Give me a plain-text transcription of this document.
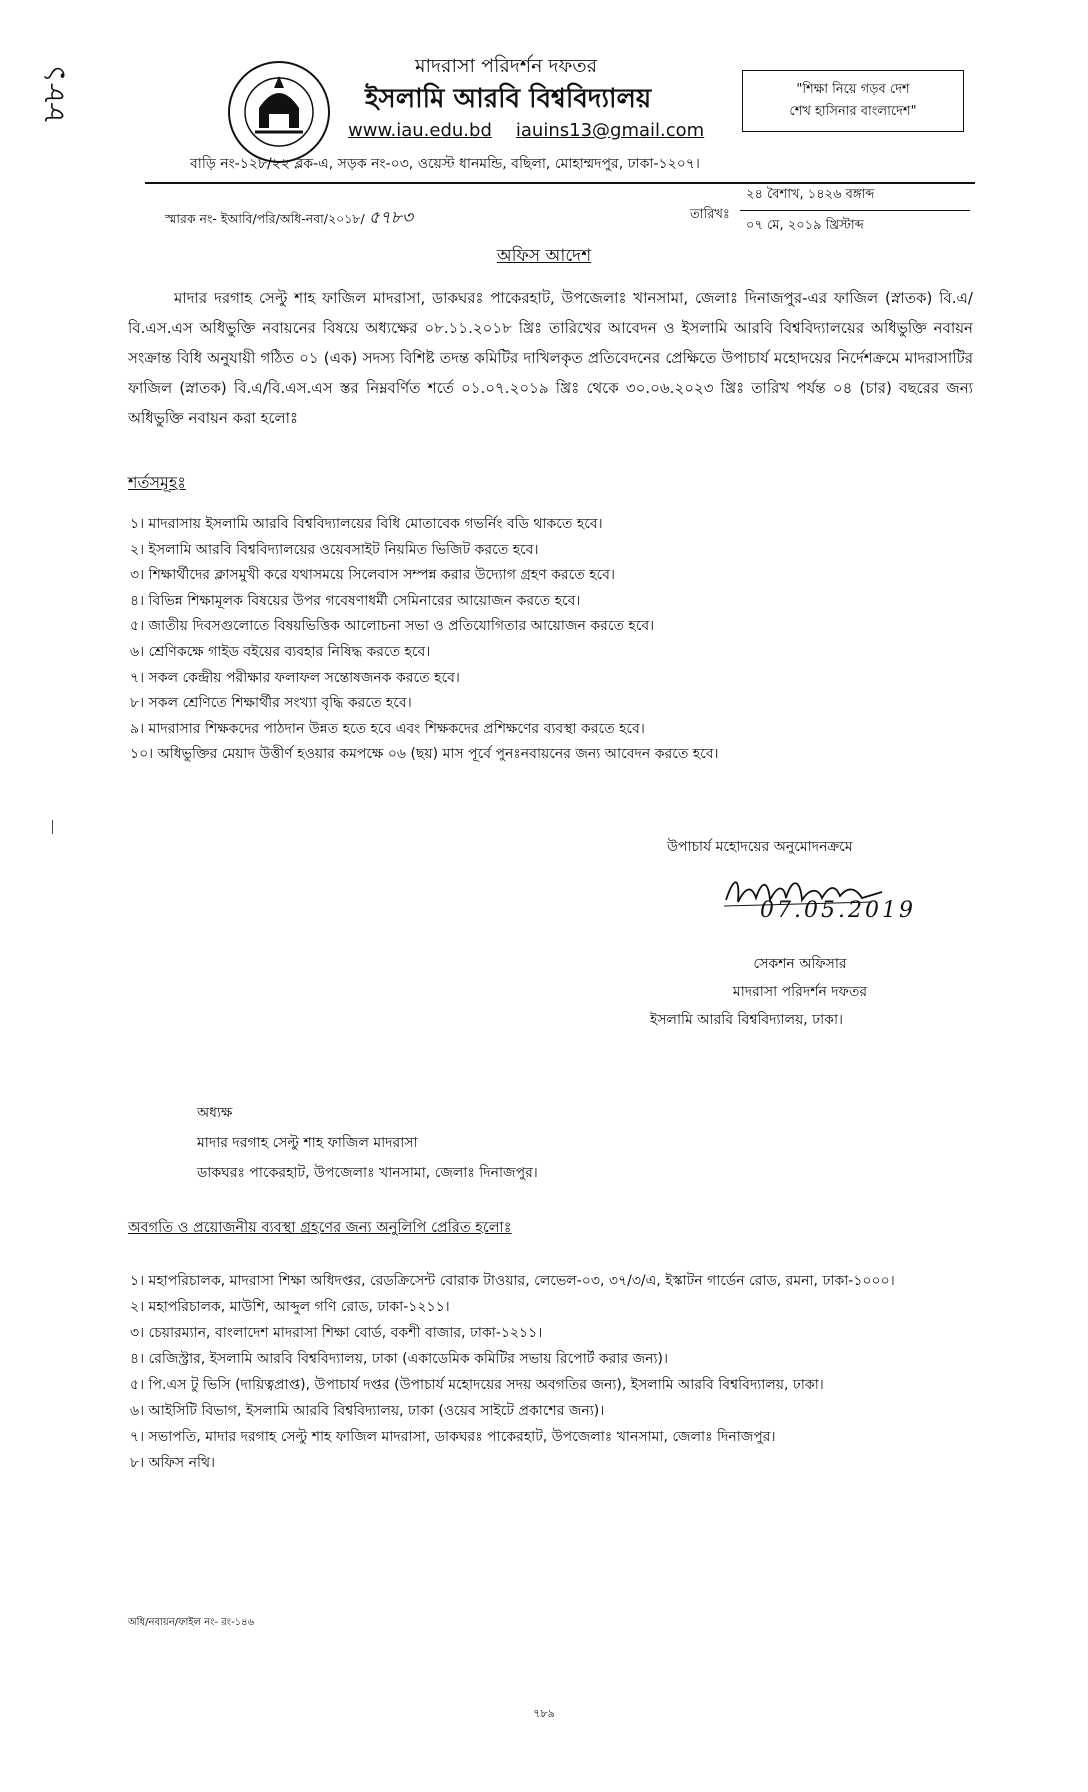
৮৮১	মাদরাসা পরিদর্শন দফতর
ইসলামি আরবি বিশ্ববিদ্যালয়
www.iau.edu.bd iauins13@gmail.com
"শিক্ষা নিয়ে গড়ব দেশ
শেখ হাসিনার বাংলাদেশ"
বাড়ি নং-১২৮/২২ ব্লক-এ, সড়ক নং-০৩, ওয়েস্ট ধানমন্ডি, বছিলা, মোহাম্মদপুর, ঢাকা-১২০৭।
স্মারক নং- ইআবি/পরি/অধি-নবা/২০১৮/ ৫৭৮৩	তারিখঃ
২৪ বৈশাখ, ১৪২৬ বঙ্গাব্দ
০৭ মে, ২০১৯ খ্রিস্টাব্দ
অফিস আদেশ
মাদার দরগাহ সেল্টু শাহ ফাজিল মাদরাসা, ডাকঘরঃ পাকেরহাট, উপজেলাঃ খানসামা, জেলাঃ দিনাজপুর-এর ফাজিল (স্নাতক) বি.এ/বি.এস.এস অধিভুক্তি নবায়নের বিষয়ে অধ্যক্ষের ০৮.১১.২০১৮ খ্রিঃ তারিখের আবেদন ও ইসলামি আরবি বিশ্ববিদ্যালয়ের অধিভুক্তি নবায়ন সংক্রান্ত বিধি অনুযায়ী গঠিত ০১ (এক) সদস্য বিশিষ্ট তদন্ত কমিটির দাখিলকৃত প্রতিবেদনের প্রেক্ষিতে উপাচার্য মহোদয়ের নির্দেশক্রমে মাদরাসাটির ফাজিল (স্নাতক) বি.এ/বি.এস.এস স্তর নিম্নবর্ণিত শর্তে ০১.০৭.২০১৯ খ্রিঃ থেকে ৩০.০৬.২০২৩ খ্রিঃ তারিখ পর্যন্ত ০৪ (চার) বছরের জন্য অধিভুক্তি নবায়ন করা হলোঃ
শর্তসমূহঃ
১। মাদরাসায় ইসলামি আরবি বিশ্ববিদ্যালয়ের বিধি মোতাবেক গভর্নিং বডি থাকতে হবে।
২। ইসলামি আরবি বিশ্ববিদ্যালয়ের ওয়েবসাইট নিয়মিত ভিজিট করতে হবে।
৩। শিক্ষার্থীদের ক্লাসমুখী করে যথাসময়ে সিলেবাস সম্পন্ন করার উদ্যোগ গ্রহণ করতে হবে।
৪। বিভিন্ন শিক্ষামূলক বিষয়ের উপর গবেষণাধর্মী সেমিনারের আয়োজন করতে হবে।
৫। জাতীয় দিবসগুলোতে বিষয়ভিত্তিক আলোচনা সভা ও প্রতিযোগিতার আয়োজন করতে হবে।
৬। শ্রেণিকক্ষে গাইড বইয়ের ব্যবহার নিষিদ্ধ করতে হবে।
৭। সকল কেন্দ্রীয় পরীক্ষার ফলাফল সন্তোষজনক করতে হবে।
৮। সকল শ্রেণিতে শিক্ষার্থীর সংখ্যা বৃদ্ধি করতে হবে।
৯। মাদরাসার শিক্ষকদের পাঠদান উন্নত হতে হবে এবং শিক্ষকদের প্রশিক্ষণের ব্যবস্থা করতে হবে।
১০। অধিভুক্তির মেয়াদ উত্তীর্ণ হওয়ার কমপক্ষে ০৬ (ছয়) মাস পূর্বে পুনঃনবায়নের জন্য আবেদন করতে হবে।
উপাচার্য মহোদয়ের অনুমোদনক্রমে
07.05.2019
সেকশন অফিসার
মাদরাসা পরিদর্শন দফতর
ইসলামি আরবি বিশ্ববিদ্যালয়, ঢাকা।
অধ্যক্ষ
মাদার দরগাহ সেল্টু শাহ ফাজিল মাদরাসা
ডাকঘরঃ পাকেরহাট, উপজেলাঃ খানসামা, জেলাঃ দিনাজপুর।
অবগতি ও প্রয়োজনীয় ব্যবস্থা গ্রহণের জন্য অনুলিপি প্রেরিত হলোঃ
১। মহাপরিচালক, মাদরাসা শিক্ষা অধিদপ্তর, রেডক্রিসেন্ট বোরাক টাওয়ার, লেভেল-০৩, ৩৭/৩/এ, ইস্কাটন গার্ডেন রোড, রমনা, ঢাকা-১০০০।
২। মহাপরিচালক, মাউশি, আব্দুল গণি রোড, ঢাকা-১২১১।
৩। চেয়ারম্যান, বাংলাদেশ মাদরাসা শিক্ষা বোর্ড, বকশী বাজার, ঢাকা-১২১১।
৪। রেজিস্ট্রার, ইসলামি আরবি বিশ্ববিদ্যালয়, ঢাকা (একাডেমিক কমিটির সভায় রিপোর্ট করার জন্য)।
৫। পি.এস টু ভিসি (দায়িত্বপ্রাপ্ত), উপাচার্য দপ্তর (উপাচার্য মহোদয়ের সদয় অবগতির জন্য), ইসলামি আরবি বিশ্ববিদ্যালয়, ঢাকা।
৬। আইসিটি বিভাগ, ইসলামি আরবি বিশ্ববিদ্যালয়, ঢাকা (ওয়েব সাইটে প্রকাশের জন্য)।
৭। সভাপতি, মাদার দরগাহ সেল্টু শাহ ফাজিল মাদরাসা, ডাকঘরঃ পাকেরহাট, উপজেলাঃ খানসামা, জেলাঃ দিনাজপুর।
৮। অফিস নথি।
অধি/নবায়ন/ফাইল নং- রং-১৪৬
৭৮৯
